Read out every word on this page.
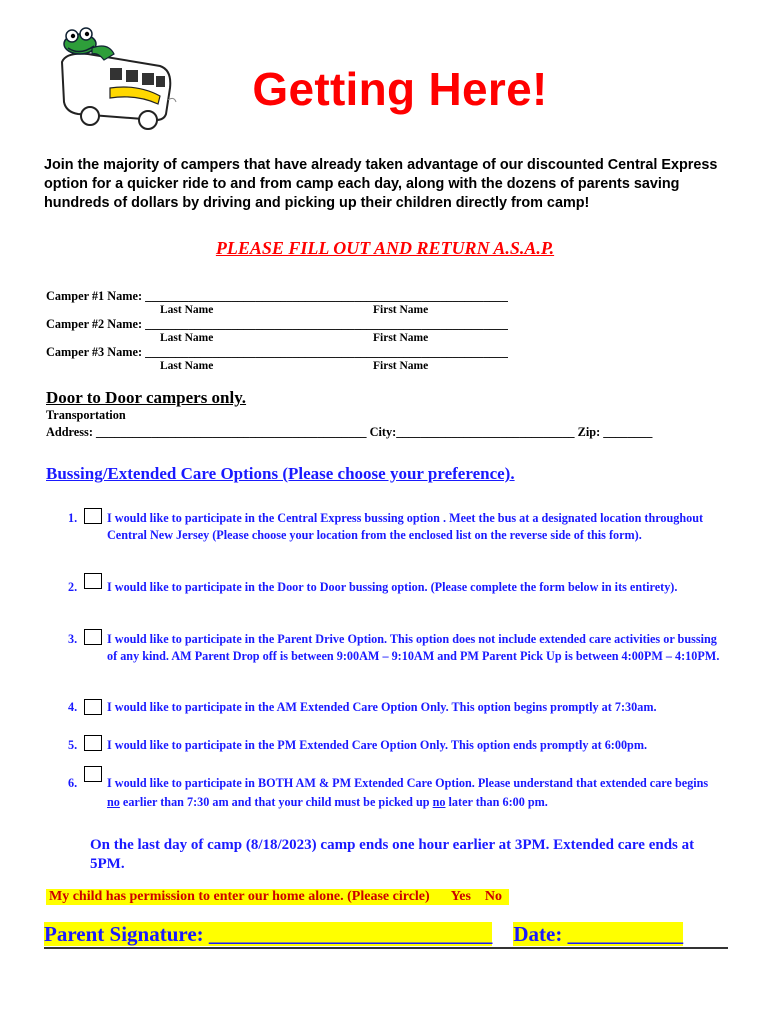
Getting Here!
Join the majority of campers that have already taken advantage of our discounted Central Express option for a quicker ride to and from camp each day, along with the dozens of parents saving hundreds of dollars by driving and picking up their children directly from camp!
PLEASE FILL OUT AND RETURN A.S.A.P.
Camper #1 Name: ___________________________________________________________
Last Name	First Name
Camper #2 Name: ___________________________________________________________
Last Name	First Name
Camper #3 Name: ___________________________________________________________
Last Name	First Name
Door to Door campers only.
Transportation
Address: ____________________________________________ City:_____________________________ Zip: ________
Bussing/Extended Care Options (Please choose your preference).
1. I would like to participate in the Central Express bussing option . Meet the bus at a designated location throughout Central New Jersey (Please choose your location from the enclosed list on the reverse side of this form).
2. I would like to participate in the Door to Door bussing option. (Please complete the form below in its entirety).
3. I would like to participate in the Parent Drive Option. This option does not include extended care activities or bussing of any kind. AM Parent Drop off is between 9:00AM – 9:10AM and PM Parent Pick Up is between 4:00PM – 4:10PM.
4. I would like to participate in the AM Extended Care Option Only. This option begins promptly at 7:30am.
5. I would like to participate in the PM Extended Care Option Only. This option ends promptly at 6:00pm.
6. I would like to participate in BOTH AM & PM Extended Care Option. Please understand that extended care begins no earlier than 7:30 am and that your child must be picked up no later than 6:00 pm.
On the last day of camp (8/18/2023) camp ends one hour earlier at 3PM. Extended care ends at 5PM.
My child has permission to enter our home alone. (Please circle) Yes No
Parent Signature: ___________________________ Date: ___________
